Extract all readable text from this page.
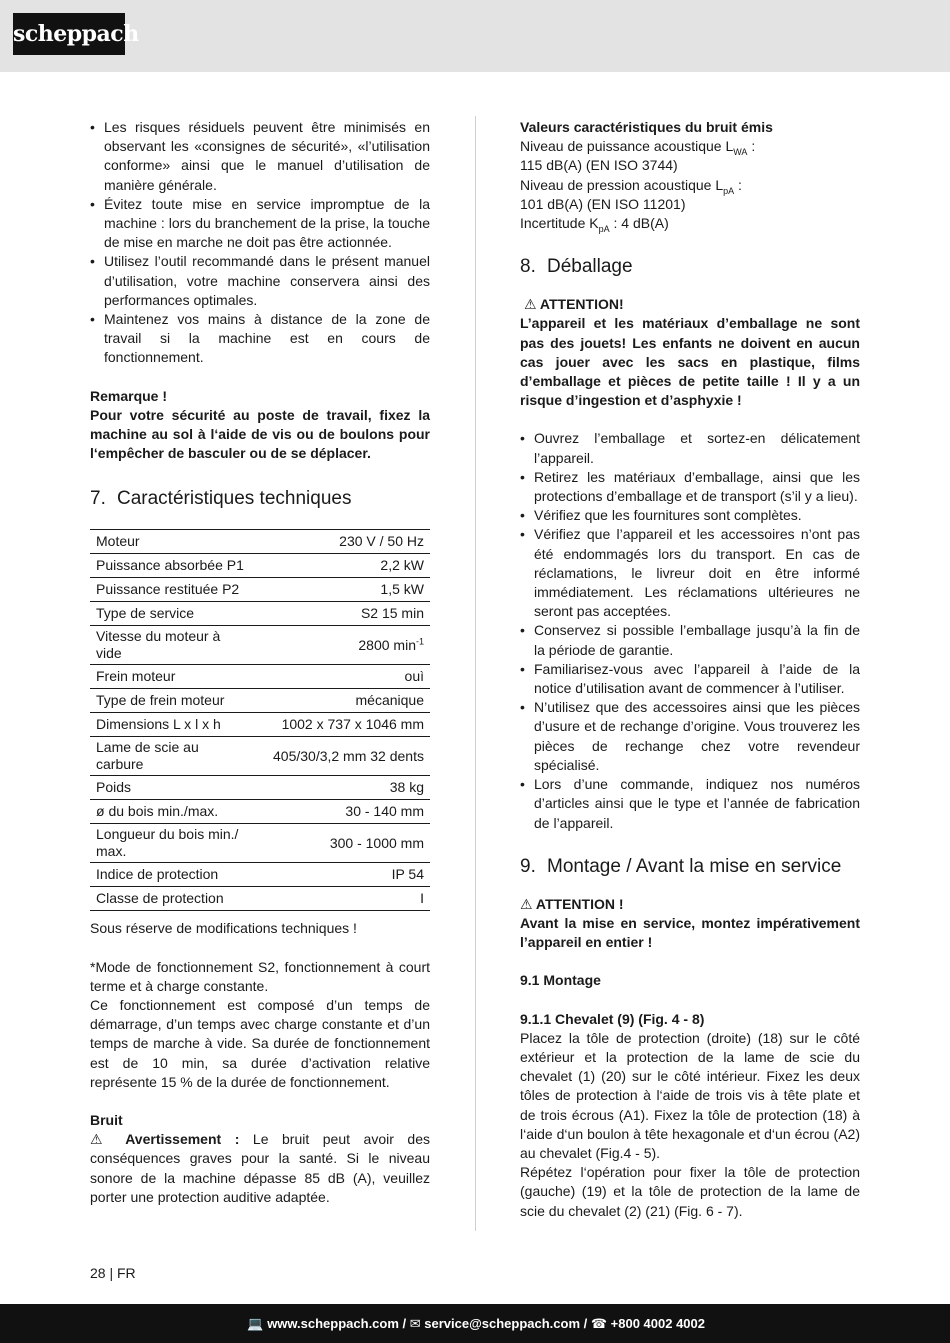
scheppach
• Les risques résiduels peuvent être minimisés en observant les «consignes de sécurité», «l’utilisation conforme» ainsi que le manuel d’utilisation de manière générale.
• Évitez toute mise en service impromptue de la machine : lors du branchement de la prise, la touche de mise en marche ne doit pas être actionnée.
• Utilisez l’outil recommandé dans le présent manuel d’utilisation, votre machine conservera ainsi des performances optimales.
• Maintenez vos mains à distance de la zone de travail si la machine est en cours de fonctionnement.

Remarque !

Pour votre sécurité au poste de travail, fixez la machine au sol à l‘aide de vis ou de boulons pour l‘empêcher de basculer ou de se déplacer.

7. Caractéristiques techniques
Moteur	230 V / 50 Hz
Puissance absorbée P1	2,2 kW
Puissance restituée P2	1,5 kW
Type de service	S2 15 min
Vitesse du moteur à vide	2800 $\min^{-1}$
Frein moteur	ouì
Type de frein moteur	mécanique
Dimensions L x l x h	1002 x 737 x 1046 mm
Lame de scie au carbure	405/30/3,2 mm 32 dents
Poids	38 kg
ø du bois min./max.	30 - 140 mm
Longueur du bois min./ max.	300 - 1000 mm
Indice de protection	IP 54
Classe de protection	I

Sous réserve de modifications techniques !

*Mode de fonctionnement S2, fonctionnement à court terme et à charge constante.

Ce fonctionnement est composé d’un temps de démarrage, d’un temps avec charge constante et d’un temps de marche à vide. Sa durée de fonctionnement est de 10 min, sa durée d’activation relative représente 15 % de la durée de fonctionnement.

Bruit

⚠ Avertissement : Le bruit peut avoir des conséquences graves pour la santé. Si le niveau sonore de la machine dépasse 85 dB (A), veuillez porter une protection auditive adaptée.

Valeurs caractéristiques du bruit émis

Niveau de puissance acoustique $L_{WA}$ :

115 dB(A) (EN ISO 3744)

Niveau de pression acoustique $L_{pA}$ :

101 dB(A) (EN ISO 11201)

Incertitude $K_{pA}$ : 4 dB(A)

8. Déballage

⚠ ATTENTION!

L’appareil et les matériaux d’emballage ne sont pas des jouets! Les enfants ne doivent en aucun cas jouer avec les sacs en plastique, films d’emballage et pièces de petite taille ! Il y a un risque d’ingestion et d’asphyxie !

• Ouvrez l’emballage et sortez-en délicatement l’appareil.
• Retirez les matériaux d’emballage, ainsi que les protections d’emballage et de transport (s’il y a lieu).
• Vérifiez que les fournitures sont complètes.
• Vérifiez que l’appareil et les accessoires n’ont pas été endommagés lors du transport. En cas de réclamations, le livreur doit en être informé immédiatement. Les réclamations ultérieures ne seront pas acceptées.
• Conservez si possible l’emballage jusqu’à la fin de la période de garantie.
• Familiarisez-vous avec l’appareil à l’aide de la notice d’utilisation avant de commencer à l’utiliser.
• N’utilisez que des accessoires ainsi que les pièces d’usure et de rechange d’origine. Vous trouverez les pièces de rechange chez votre revendeur spécialisé.
• Lors d’une commande, indiquez nos numéros d’articles ainsi que le type et l’année de fabrication de l’appareil.
9. Montage / Avant la mise en service

⚠ ATTENTION !

Avant la mise en service, montez impérativement l’appareil en entier !

9.1 Montage

9.1.1 Chevalet (9) (Fig. 4 - 8)

Placez la tôle de protection (droite) (18) sur le côté extérieur et la protection de la lame de scie du chevalet (1) (20) sur le côté intérieur. Fixez les deux tôles de protection à l‘aide de trois vis à tête plate et de trois écrous (A1). Fixez la tôle de protection (18) à l‘aide d‘un boulon à tête hexagonale et d‘un écrou (A2) au chevalet (Fig.4 - 5).

Répétez l‘opération pour fixer la tôle de protection (gauche) (19) et la tôle de protection de la lame de scie du chevalet (2) (21) (Fig. 6 - 7).

28 | FR
💻 www.scheppach.com / ✉ service@scheppach.com / ☎ +800 4002 4002
